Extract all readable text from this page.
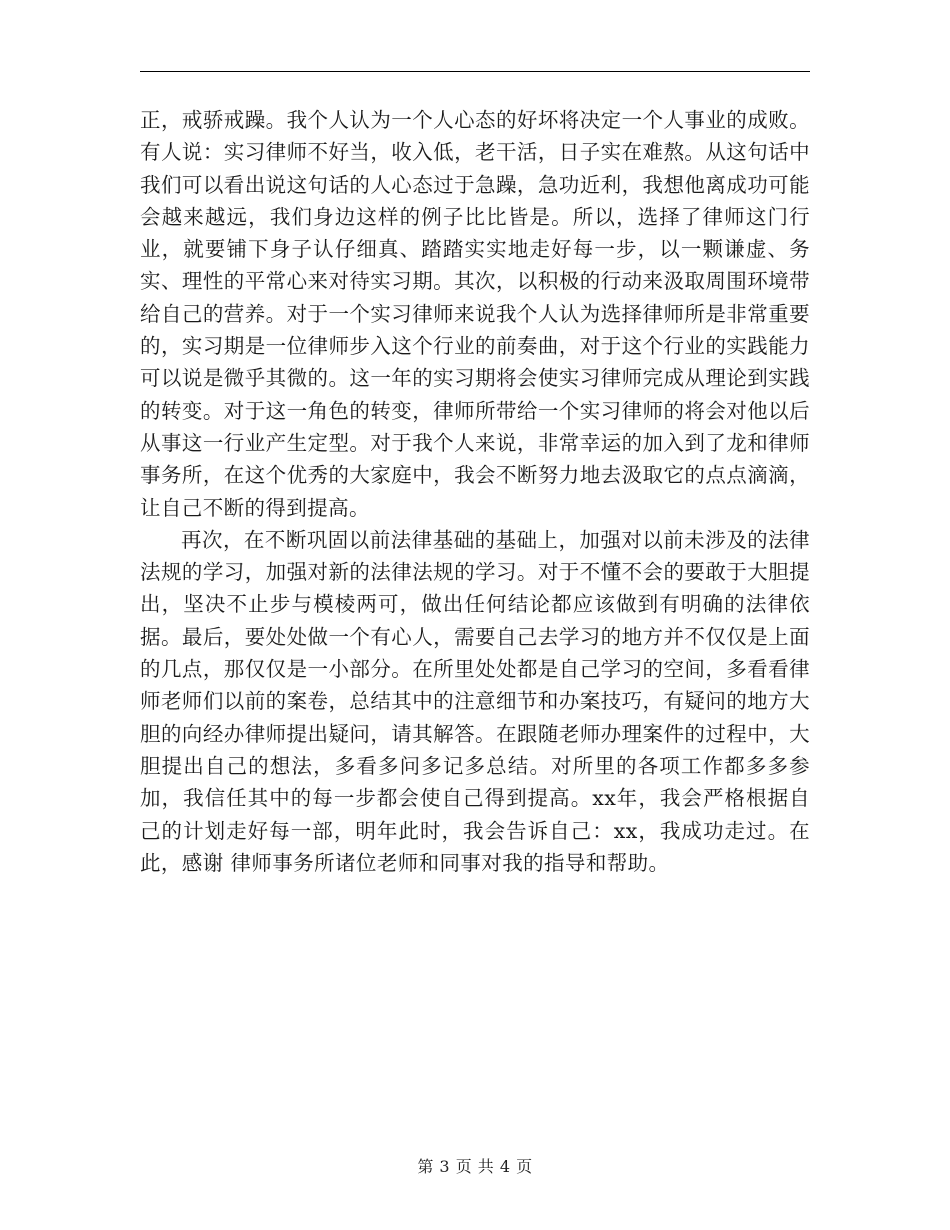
正，戒骄戒躁。我个人认为一个人心态的好坏将决定一个人事业的成败。有人说：实习律师不好当，收入低，老干活，日子实在难熬。从这句话中我们可以看出说这句话的人心态过于急躁，急功近利，我想他离成功可能会越来越远，我们身边这样的例子比比皆是。所以，选择了律师这门行业，就要铺下身子认仔细真、踏踏实实地走好每一步，以一颗谦虚、务实、理性的平常心来对待实习期。其次，以积极的行动来汲取周围环境带给自己的营养。对于一个实习律师来说我个人认为选择律师所是非常重要的，实习期是一位律师步入这个行业的前奏曲，对于这个行业的实践能力可以说是微乎其微的。这一年的实习期将会使实习律师完成从理论到实践的转变。对于这一角色的转变，律师所带给一个实习律师的将会对他以后从事这一行业产生定型。对于我个人来说，非常幸运的加入到了龙和律师事务所，在这个优秀的大家庭中，我会不断努力地去汲取它的点点滴滴，让自己不断的得到提高。

再次，在不断巩固以前法律基础的基础上，加强对以前未涉及的法律法规的学习，加强对新的法律法规的学习。对于不懂不会的要敢于大胆提出，坚决不止步与模棱两可，做出任何结论都应该做到有明确的法律依据。最后，要处处做一个有心人，需要自己去学习的地方并不仅仅是上面的几点，那仅仅是一小部分。在所里处处都是自己学习的空间，多看看律师老师们以前的案卷，总结其中的注意细节和办案技巧，有疑问的地方大胆的向经办律师提出疑问，请其解答。在跟随老师办理案件的过程中，大胆提出自己的想法，多看多问多记多总结。对所里的各项工作都多多参加，我信任其中的每一步都会使自己得到提高。xx年，我会严格根据自己的计划走好每一部，明年此时，我会告诉自己：xx，我成功走过。在此，感谢 律师事务所诸位老师和同事对我的指导和帮助。

第 3 页 共 4 页
